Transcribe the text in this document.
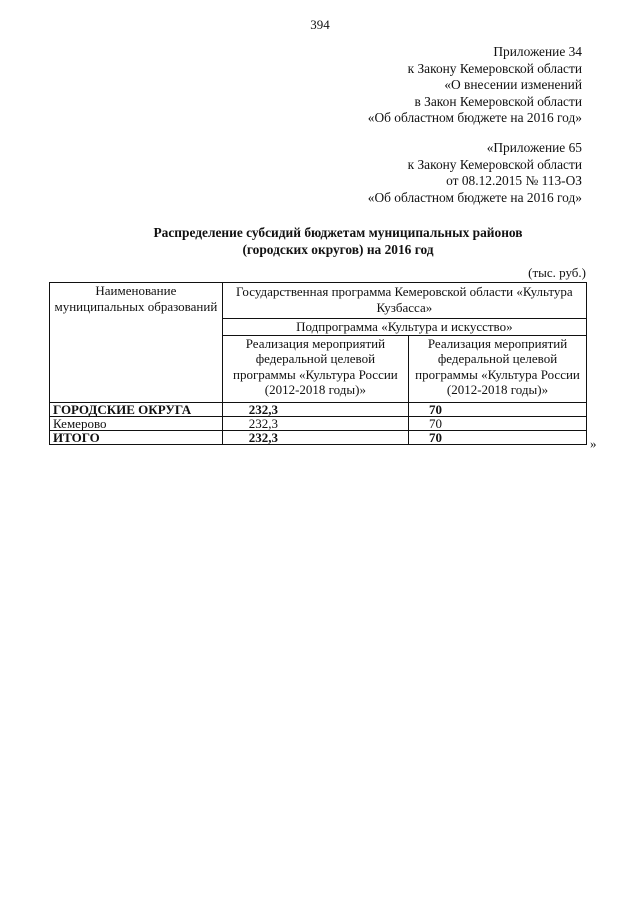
394
Приложение 34
к Закону Кемеровской области
«О внесении изменений
в Закон Кемеровской области
«Об областном бюджете на 2016 год»
«Приложение 65
к Закону Кемеровской области
от 08.12.2015 № 113-ОЗ
«Об областном бюджете на 2016 год»
Распределение субсидий бюджетам муниципальных районов
(городских округов) на 2016 год
(тыс. руб.)
Наименование муниципальных образований	Государственная программа Кемеровской области «Культура Кузбасса»	
	Подпрограмма «Культура и искусство»	
	Реализация мероприятий федеральной целевой программы «Культура России (2012-2018 годы)»	Реализация мероприятий федеральной целевой программы «Культура России (2012-2018 годы)»
ГОРОДСКИЕ ОКРУГА	232,3	70
Кемерово	232,3	70
ИТОГО	232,3	70	»
